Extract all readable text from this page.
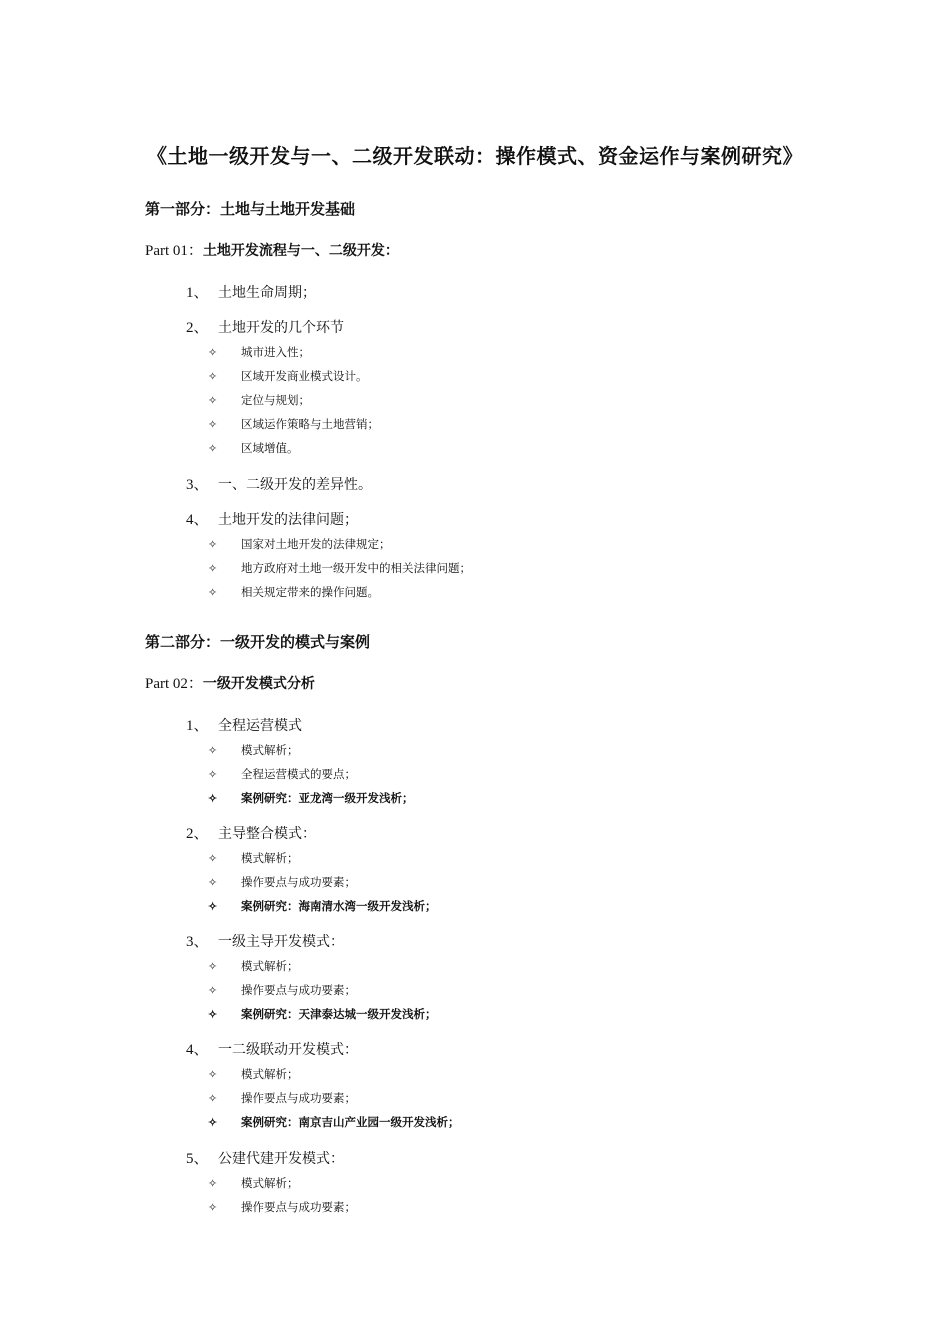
《土地一级开发与一、二级开发联动：操作模式、资金运作与案例研究》
第一部分：土地与土地开发基础
Part 01：土地开发流程与一、二级开发：
1、 土地生命周期；
2、 土地开发的几个环节
✧ 城市进入性；
✧ 区域开发商业模式设计。
✧ 定位与规划；
✧ 区域运作策略与土地营销；
✧ 区域增值。
3、 一、二级开发的差异性。
4、 土地开发的法律问题；
✧ 国家对土地开发的法律规定；
✧ 地方政府对土地一级开发中的相关法律问题；
✧ 相关规定带来的操作问题。
第二部分：一级开发的模式与案例
Part 02：一级开发模式分析
1、 全程运营模式
✧ 模式解析；
✧ 全程运营模式的要点；
✧ 案例研究：亚龙湾一级开发浅析；
2、 主导整合模式：
✧ 模式解析；
✧ 操作要点与成功要素；
✧ 案例研究：海南清水湾一级开发浅析；
3、 一级主导开发模式：
✧ 模式解析；
✧ 操作要点与成功要素；
✧ 案例研究：天津泰达城一级开发浅析；
4、 一二级联动开发模式：
✧ 模式解析；
✧ 操作要点与成功要素；
✧ 案例研究：南京吉山产业园一级开发浅析；
5、 公建代建开发模式：
✧ 模式解析；
✧ 操作要点与成功要素；
